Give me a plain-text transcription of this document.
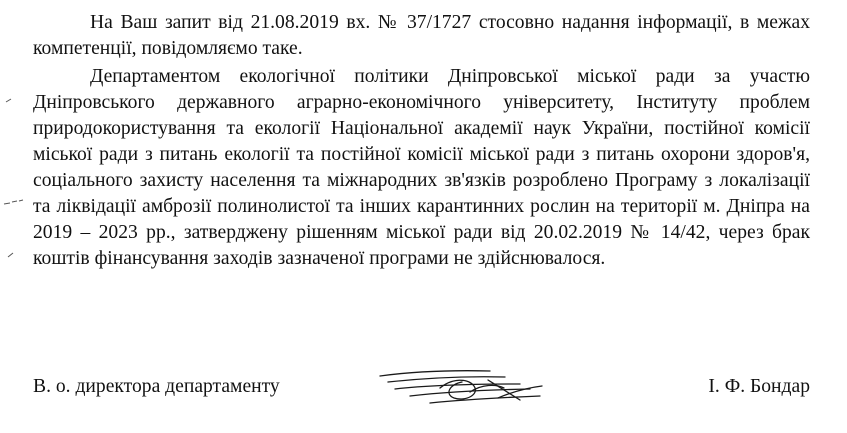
На Ваш запит від 21.08.2019 вх. № 37/1727 стосовно надання інформації, в межах компетенції, повідомляємо таке.

Департаментом екологічної політики Дніпровської міської ради за участю Дніпровського державного аграрно-економічного університету, Інституту проблем природокористування та екології Національної академії наук України, постійної комісії міської ради з питань екології та постійної комісії міської ради з питань охорони здоров'я, соціального захисту населення та міжнародних зв'язків розроблено Програму з локалізації та ліквідації амброзії полинолистої та інших карантинних рослин на території м. Дніпра на 2019 – 2023 рр., затверджену рішенням міської ради від 20.02.2019 № 14/42, через брак коштів фінансування заходів зазначеної програми не здійснювалося.

В. о. директора департаменту	І. Ф. Бондар
